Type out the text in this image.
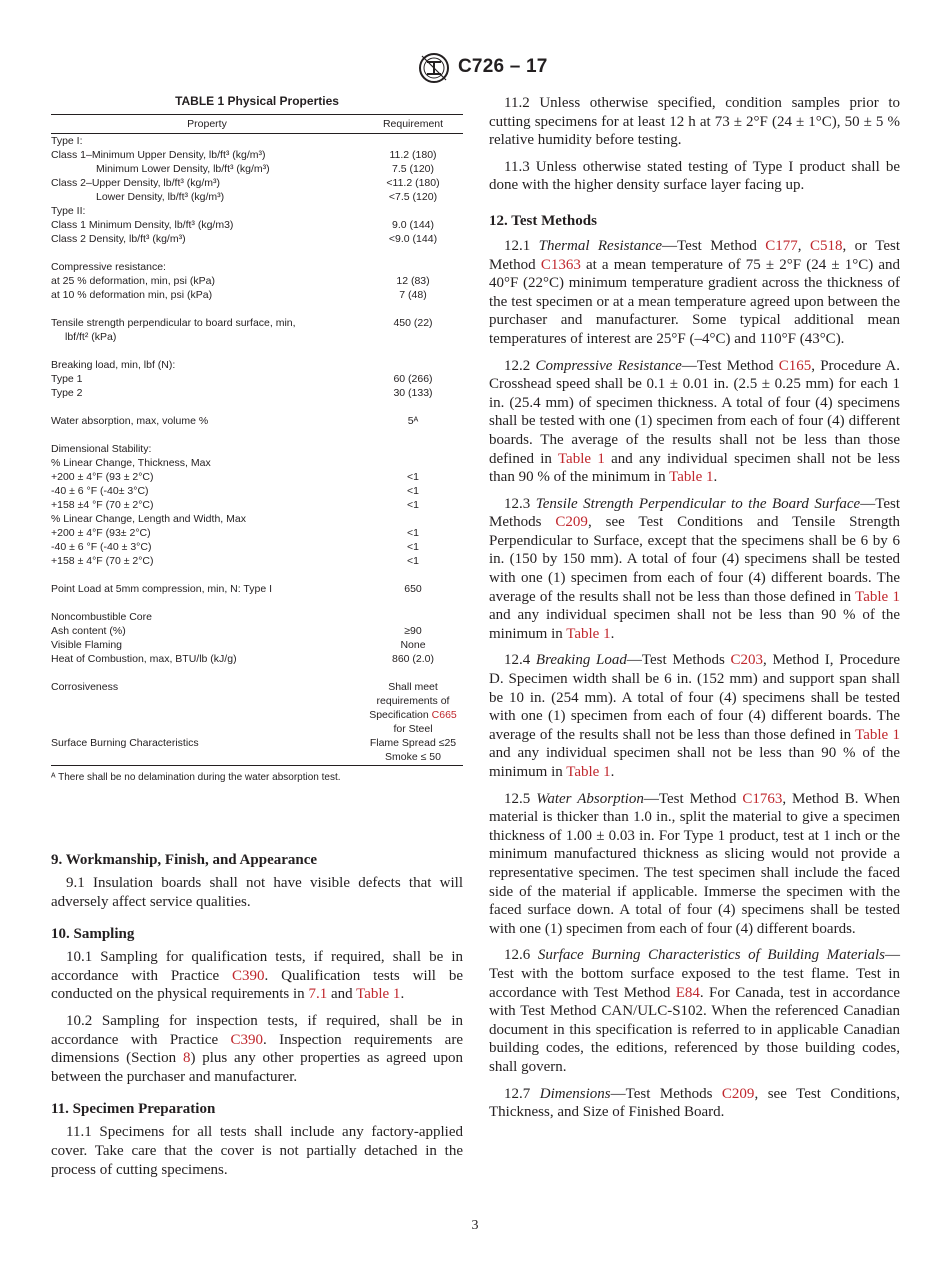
C726 – 17
TABLE 1 Physical Properties
Property	Requirement
Type I:	
Class 1–Minimum Upper Density, lb/ft³ (kg/m³)	11.2 (180)
Minimum Lower Density, lb/ft³ (kg/m³)	7.5 (120)
Class 2–Upper Density, lb/ft³ (kg/m³)	<11.2 (180)
Lower Density, lb/ft³ (kg/m³)	<7.5 (120)
Type II:	
Class 1 Minimum Density, lb/ft³ (kg/m3)	9.0 (144)
Class 2 Density, lb/ft³ (kg/m³)	<9.0 (144)

Compressive resistance:	
at 25 % deformation, min, psi (kPa)	12 (83)
at 10 % deformation min, psi (kPa)	7 (48)

Tensile strength perpendicular to board surface, min,	450 (22)
lbf/ft² (kPa)	

Breaking load, min, lbf (N):	
Type 1	60 (266)
Type 2	30 (133)

Water absorption, max, volume %	5ᴬ

Dimensional Stability:	
% Linear Change, Thickness, Max	
+200 ± 4°F (93 ± 2°C)	<1
-40 ± 6 °F (-40± 3°C)	<1
+158 ±4 °F (70 ± 2°C)	<1
% Linear Change, Length and Width, Max	
+200 ± 4°F (93± 2°C)	<1
-40 ± 6 °F (-40 ± 3°C)	<1
+158 ± 4°F (70 ± 2°C)	<1

Point Load at 5mm compression, min, N: Type I	650

Noncombustible Core	
Ash content (%)	≥90
Visible Flaming	None
Heat of Combustion, max, BTU/lb (kJ/g)	860 (2.0)

Corrosiveness	Shall meet
	requirements of
	Specification C665
	for Steel
Surface Burning Characteristics	Flame Spread ≤25
	Smoke ≤ 50
ᴬ There shall be no delamination during the water absorption test.
9. Workmanship, Finish, and Appearance

9.1 Insulation boards shall not have visible defects that will adversely affect service qualities.

10. Sampling

10.1 Sampling for qualification tests, if required, shall be in accordance with Practice C390. Qualification tests will be conducted on the physical requirements in 7.1 and Table 1.

10.2 Sampling for inspection tests, if required, shall be in accordance with Practice C390. Inspection requirements are dimensions (Section 8) plus any other properties as agreed upon between the purchaser and manufacturer.

11. Specimen Preparation

11.1 Specimens for all tests shall include any factory-applied cover. Take care that the cover is not partially detached in the process of cutting specimens.

11.2 Unless otherwise specified, condition samples prior to cutting specimens for at least 12 h at 73 ± 2°F (24 ± 1°C), 50 ± 5 % relative humidity before testing.

11.3 Unless otherwise stated testing of Type I product shall be done with the higher density surface layer facing up.

12. Test Methods

12.1 Thermal Resistance—Test Method C177, C518, or Test Method C1363 at a mean temperature of 75 ± 2°F (24 ± 1°C) and 40°F (22°C) minimum temperature gradient across the thickness of the test specimen or at a mean temperature agreed upon between the purchaser and manufacturer. Some typical additional mean temperatures of interest are 25°F (–4°C) and 110°F (43°C).

12.2 Compressive Resistance—Test Method C165, Procedure A. Crosshead speed shall be 0.1 ± 0.01 in. (2.5 ± 0.25 mm) for each 1 in. (25.4 mm) of specimen thickness. A total of four (4) specimens shall be tested with one (1) specimen from each of four (4) different boards. The average of the results shall not be less than those defined in Table 1 and any individual specimen shall not be less than 90 % of the minimum in Table 1.

12.3 Tensile Strength Perpendicular to the Board Surface—Test Methods C209, see Test Conditions and Tensile Strength Perpendicular to Surface, except that the specimens shall be 6 by 6 in. (150 by 150 mm). A total of four (4) specimens shall be tested with one (1) specimen from each of four (4) different boards. The average of the results shall not be less than those defined in Table 1 and any individual specimen shall not be less than 90 % of the minimum in Table 1.

12.4 Breaking Load—Test Methods C203, Method I, Procedure D. Specimen width shall be 6 in. (152 mm) and support span shall be 10 in. (254 mm). A total of four (4) specimens shall be tested with one (1) specimen from each of four (4) different boards. The average of the results shall not be less than those defined in Table 1 and any individual specimen shall not be less than 90 % of the minimum in Table 1.

12.5 Water Absorption—Test Method C1763, Method B. When material is thicker than 1.0 in., split the material to give a specimen thickness of 1.00 ± 0.03 in. For Type 1 product, test at 1 inch or the minimum manufactured thickness as slicing would not provide a representative specimen. The test specimen shall include the faced side of the material if applicable. Immerse the specimen with the faced surface down. A total of four (4) specimens shall be tested with one (1) specimen from each of four (4) different boards.

12.6 Surface Burning Characteristics of Building Materials—Test with the bottom surface exposed to the test flame. Test in accordance with Test Method E84. For Canada, test in accordance with Test Method CAN/ULC-S102. When the referenced Canadian document in this specification is referred to in applicable Canadian building codes, the editions, referenced by those building codes, shall govern.

12.7 Dimensions—Test Methods C209, see Test Conditions, Thickness, and Size of Finished Board.

3
